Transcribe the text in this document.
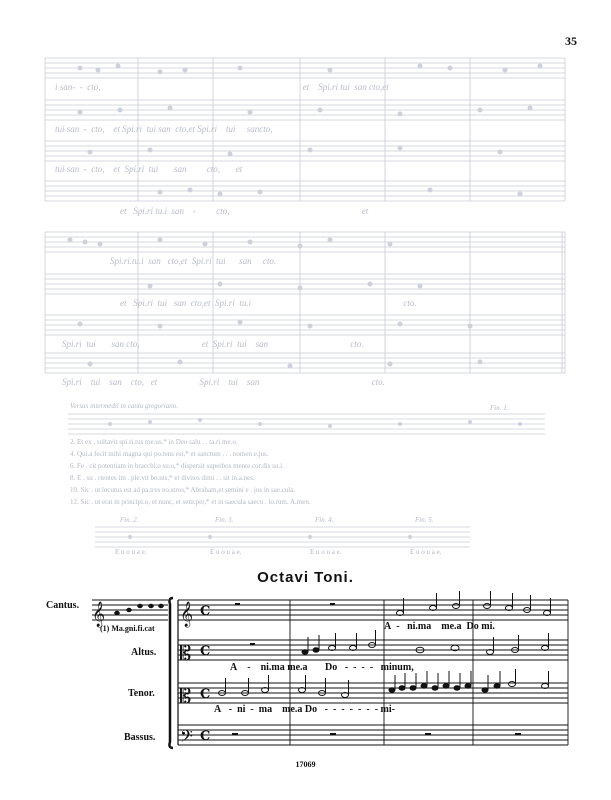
35
i san- - cto,	et Spi.ri tui san cto,et
tui san - cto, et Spi.ri tui san cto,et Spi.ri tui sancto,
tui san - cto, et Spi.ri tui san cto, et
et Spi.ri tu.i san - cto,	et
Spi.ri.tu.i san cto,et Spi.ri tui san cto.
et Spi.ri tui san cto,et Spi.ri tu.i	cto.
Spi.ri tui san cto,	et Spi.ri tui san	cto.
Spi.ri tui san cto, et	Spi.ri tui san	cto.
Versus intermedii in cantu gregoriano.	Fin. 1.
2. Et ex . sultavit spi.ri.tus me.us.* in Deo salu . . ta.ri me.o.
4. Qui.a fecit mihi magna qui po.tens est,* et sanctum . . . nomen e.jus.
6. Fe . cit potentiam in bracchi.o su.o,* dispersit superbos mente cor.dis su.i.
8. E . su . rientes im . ple.vit bo.nis,* et divites dimi . . sit in.a.nes.
10. Sic . ut locutus est ad pa.tres no.stros,* Abraham,et semini e . jus in sae.cula.
12. Sic . ut erat in principi.o, et nunc, et sem.per,* et in saecula saecu . lo.rum. A.men.
Fin. 2.	Fin. 3.	Fin. 4.	Fin. 5.
E u o u a e.	E u o u a e.	E u o u a e.	E u o u a e.
Octavi Toni.
Cantus.
Altus.
Tenor.
Bassus.
𝄞	𝄞
𝄡
𝄡
𝄢
C
C
C
C
(1) Ma.gni.fi.cat	A - ni.ma me.a Do mi.
A - ni.ma me.a Do - - - - minum,
A - ni - ma me.a Do - - - - - - - mi-
17069
